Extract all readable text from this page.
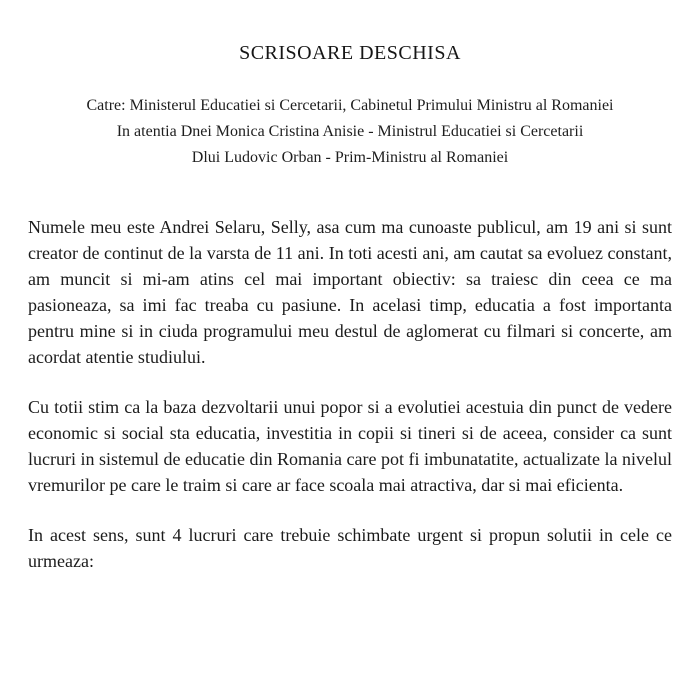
SCRISOARE DESCHISA
Catre: Ministerul Educatiei si Cercetarii, Cabinetul Primului Ministru al Romaniei
In atentia Dnei Monica Cristina Anisie - Ministrul Educatiei si Cercetarii
Dlui Ludovic Orban - Prim-Ministru al Romaniei

Numele meu este Andrei Selaru, Selly, asa cum ma cunoaste publicul, am 19 ani si sunt creator de continut de la varsta de 11 ani. In toti acesti ani, am cautat sa evoluez constant, am muncit si mi-am atins cel mai important obiectiv: sa traiesc din ceea ce ma pasioneaza, sa imi fac treaba cu pasiune. In acelasi timp, educatia a fost importanta pentru mine si in ciuda programului meu destul de aglomerat cu filmari si concerte, am acordat atentie studiului.

Cu totii stim ca la baza dezvoltarii unui popor si a evolutiei acestuia din punct de vedere economic si social sta educatia, investitia in copii si tineri si de aceea, consider ca sunt lucruri in sistemul de educatie din Romania care pot fi imbunatatite, actualizate la nivelul vremurilor pe care le traim si care ar face scoala mai atractiva, dar si mai eficienta.

In acest sens, sunt 4 lucruri care trebuie schimbate urgent si propun solutii in cele ce urmeaza:
